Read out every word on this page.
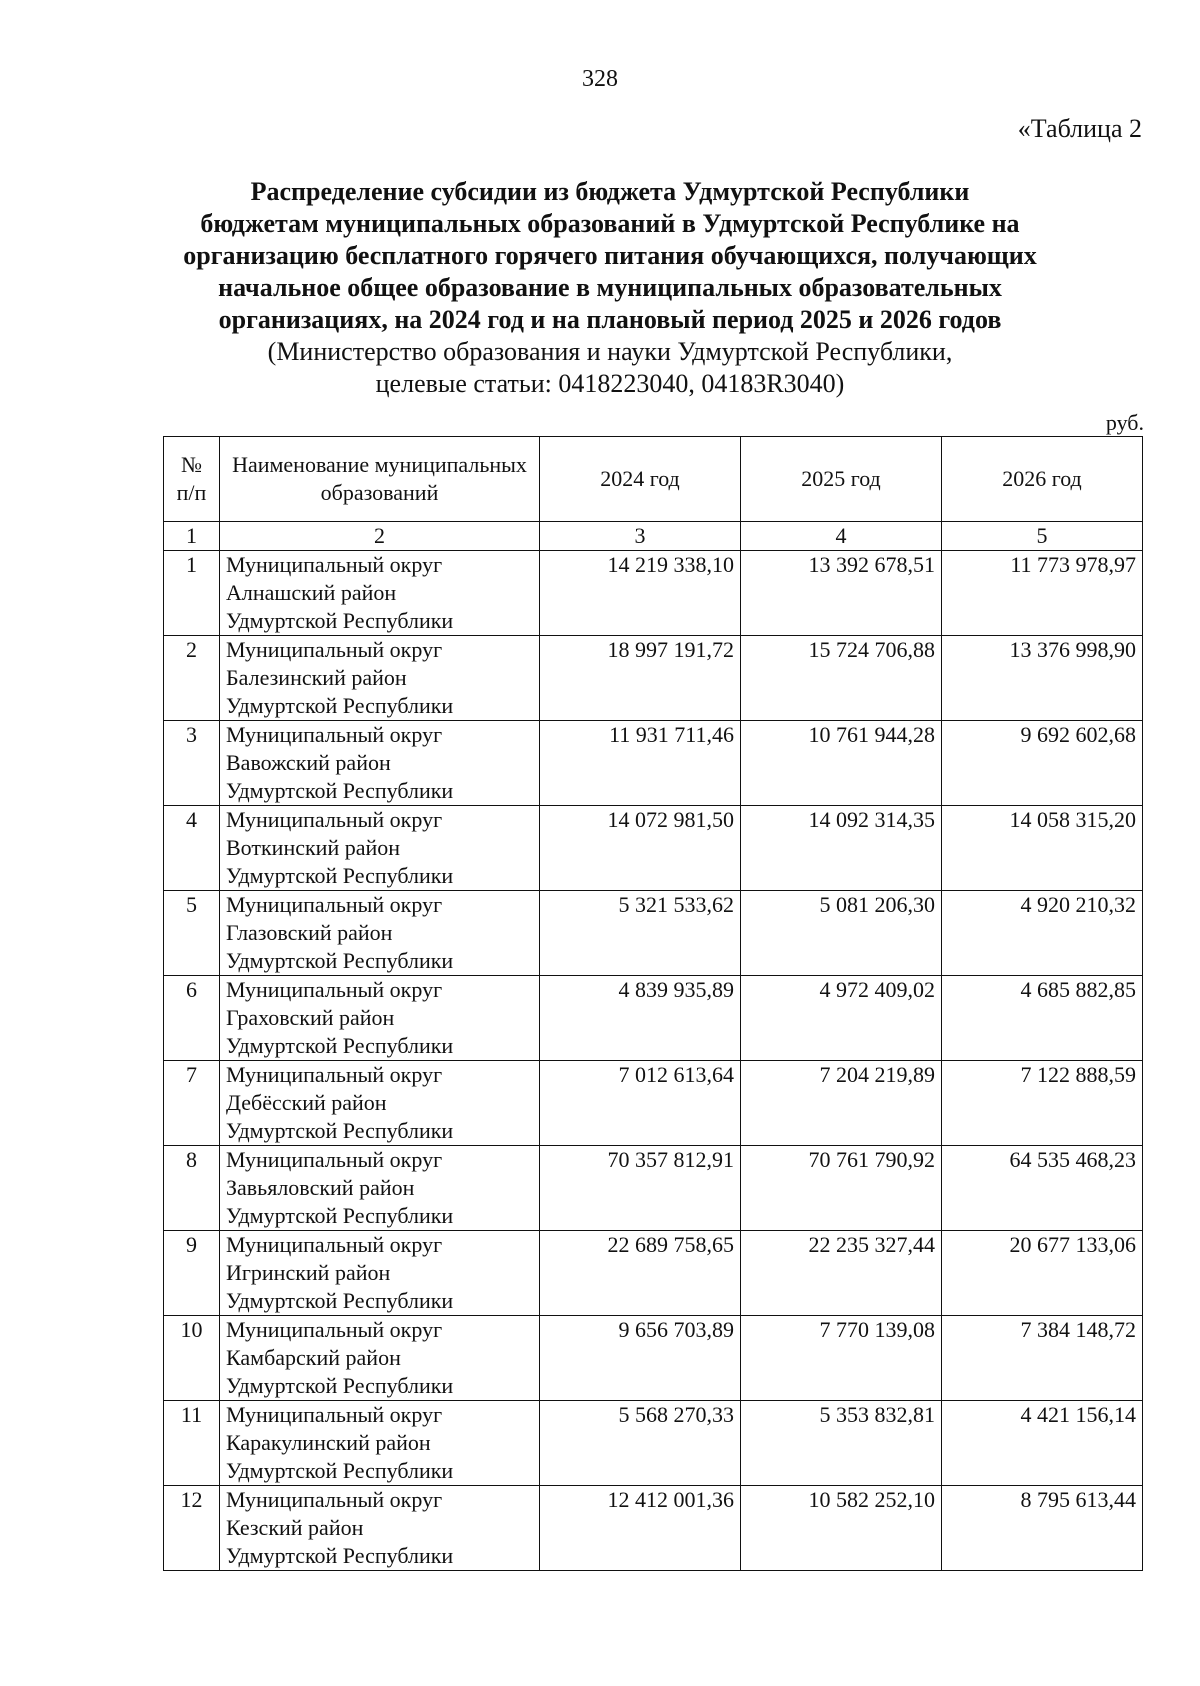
328
«Таблица 2
Распределение субсидии из бюджета Удмуртской Республики
бюджетам муниципальных образований в Удмуртской Республике на
организацию бесплатного горячего питания обучающихся, получающих
начальное общее образование в муниципальных образовательных
организациях, на 2024 год и на плановый период 2025 и 2026 годов
(Министерство образования и науки Удмуртской Республики,
целевые статьи: 0418223040, 04183R3040)
руб.
№ п/п	Наименование муниципальных образований	2024 год	2025 год	2026 год
1	2	3	4	5
1	Муниципальный округ
Алнашский район
Удмуртской Республики	14 219 338,10	13 392 678,51	11 773 978,97
2	Муниципальный округ
Балезинский район
Удмуртской Республики	18 997 191,72	15 724 706,88	13 376 998,90
3	Муниципальный округ
Вавожский район
Удмуртской Республики	11 931 711,46	10 761 944,28	9 692 602,68
4	Муниципальный округ
Воткинский район
Удмуртской Республики	14 072 981,50	14 092 314,35	14 058 315,20
5	Муниципальный округ
Глазовский район
Удмуртской Республики	5 321 533,62	5 081 206,30	4 920 210,32
6	Муниципальный округ
Граховский район
Удмуртской Республики	4 839 935,89	4 972 409,02	4 685 882,85
7	Муниципальный округ
Дебёсский район
Удмуртской Республики	7 012 613,64	7 204 219,89	7 122 888,59
8	Муниципальный округ
Завьяловский район
Удмуртской Республики	70 357 812,91	70 761 790,92	64 535 468,23
9	Муниципальный округ
Игринский район
Удмуртской Республики	22 689 758,65	22 235 327,44	20 677 133,06
10	Муниципальный округ
Камбарский район
Удмуртской Республики	9 656 703,89	7 770 139,08	7 384 148,72
11	Муниципальный округ
Каракулинский район
Удмуртской Республики	5 568 270,33	5 353 832,81	4 421 156,14
12	Муниципальный округ
Кезский район
Удмуртской Республики	12 412 001,36	10 582 252,10	8 795 613,44
